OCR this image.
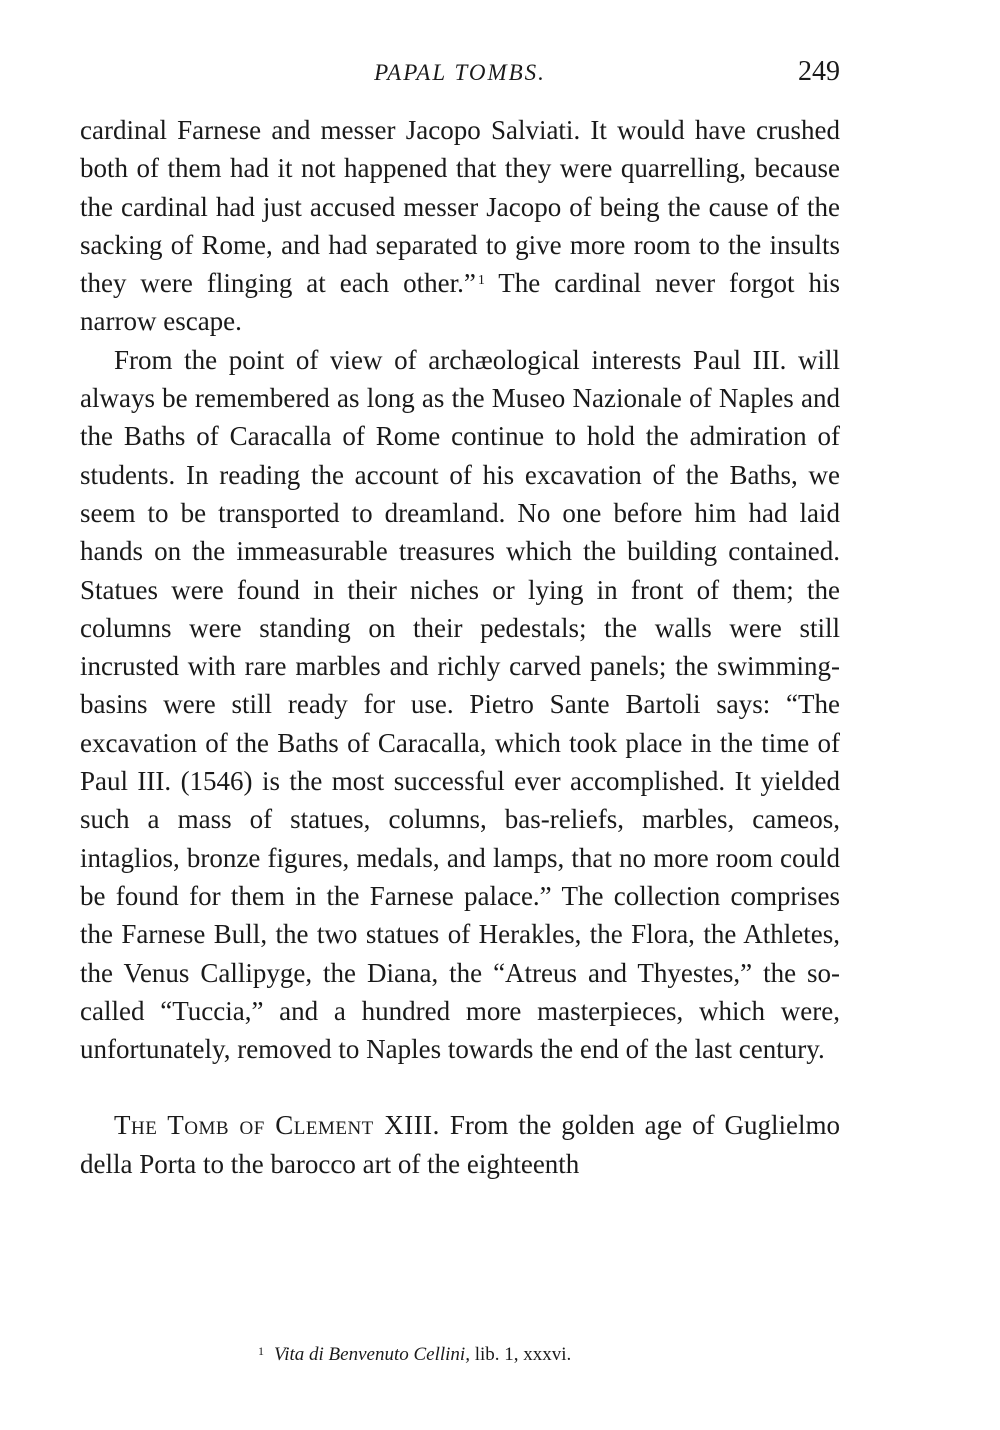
PAPAL TOMBS.	249

cardinal Farnese and messer Jacopo Salviati. It would have crushed both of them had it not happened that they were quarrelling, because the cardinal had just accused messer Jacopo of being the cause of the sacking of Rome, and had separated to give more room to the insults they were flinging at each other.” $^1$ The cardinal never forgot his narrow escape.

From the point of view of archæological interests Paul III. will always be remembered as long as the Museo Nazionale of Naples and the Baths of Caracalla of Rome continue to hold the admiration of students. In reading the account of his excavation of the Baths, we seem to be transported to dreamland. No one before him had laid hands on the immeasurable treasures which the building contained. Statues were found in their niches or lying in front of them; the columns were standing on their pedestals; the walls were still incrusted with rare marbles and richly carved panels; the swimming-basins were still ready for use. Pietro Sante Bartoli says: “The excavation of the Baths of Caracalla, which took place in the time of Paul III. (1546) is the most successful ever accomplished. It yielded such a mass of statues, columns, bas-reliefs, marbles, cameos, intaglios, bronze figures, medals, and lamps, that no more room could be found for them in the Farnese palace.” The collection comprises the Farnese Bull, the two statues of Herakles, the Flora, the Athletes, the Venus Callipyge, the Diana, the “Atreus and Thyestes,” the so-called “Tuccia,” and a hundred more masterpieces, which were, unfortunately, removed to Naples towards the end of the last century.

The Tomb of Clement XIII. From the golden age of Guglielmo della Porta to the barocco art of the eighteenth

$^1$ Vita di Benvenuto Cellini, lib. 1, xxxvi.
